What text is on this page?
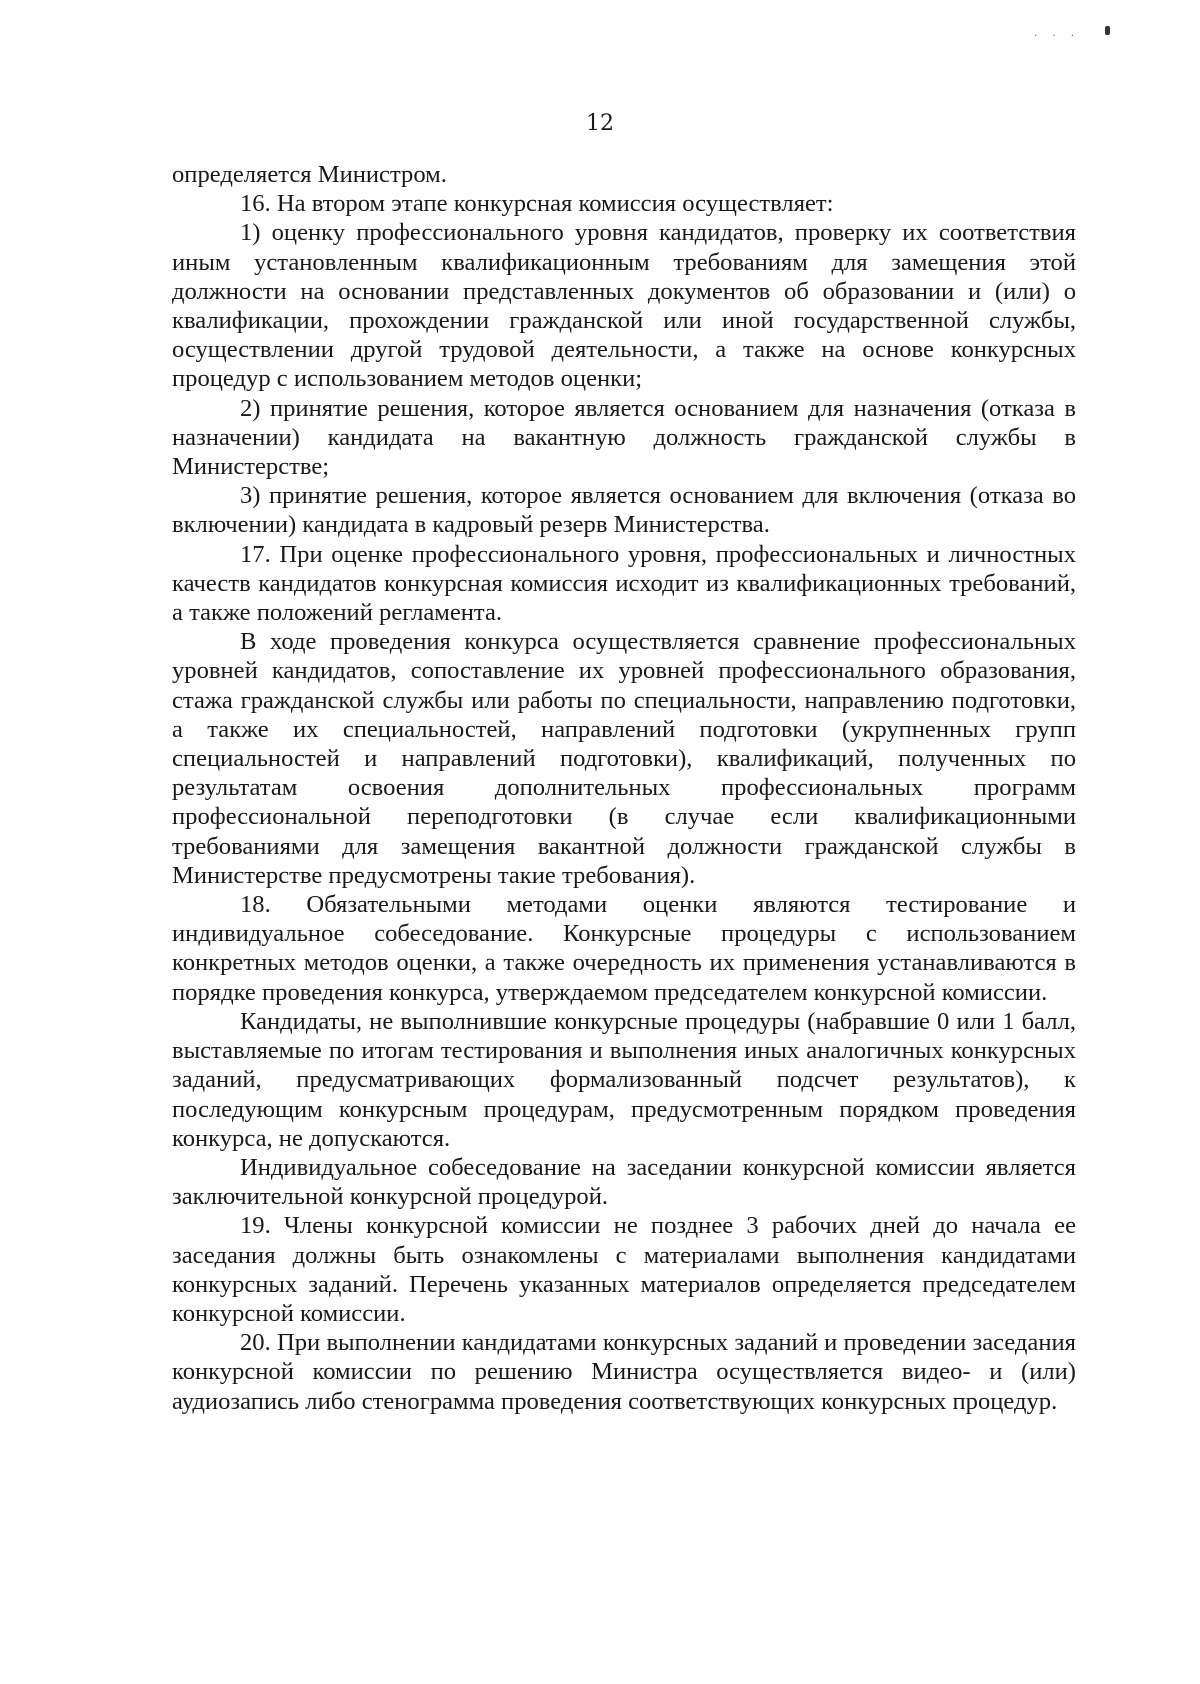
. . .
12

определяется Министром.

16. На втором этапе конкурсная комиссия осуществляет:

1) оценку профессионального уровня кандидатов, проверку их соответствия иным установленным квалификационным требованиям для замещения этой должности на основании представленных документов об образовании и (или) о квалификации, прохождении гражданской или иной государственной службы, осуществлении другой трудовой деятельности, а также на основе конкурсных процедур с использованием методов оценки;

2) принятие решения, которое является основанием для назначения (отказа в назначении) кандидата на вакантную должность гражданской службы в Министерстве;

3) принятие решения, которое является основанием для включения (отказа во включении) кандидата в кадровый резерв Министерства.

17. При оценке профессионального уровня, профессиональных и личностных качеств кандидатов конкурсная комиссия исходит из квалификационных требований, а также положений регламента.

В ходе проведения конкурса осуществляется сравнение профессиональных уровней кандидатов, сопоставление их уровней профессионального образования, стажа гражданской службы или работы по специальности, направлению подготовки, а также их специальностей, направлений подготовки (укрупненных групп специальностей и направлений подготовки), квалификаций, полученных по результатам освоения дополнительных профессиональных программ профессиональной переподготовки (в случае если квалификационными требованиями для замещения вакантной должности гражданской службы в Министерстве предусмотрены такие требования).

18. Обязательными методами оценки являются тестирование и индивидуальное собеседование. Конкурсные процедуры с использованием конкретных методов оценки, а также очередность их применения устанавливаются в порядке проведения конкурса, утверждаемом председателем конкурсной комиссии.

Кандидаты, не выполнившие конкурсные процедуры (набравшие 0 или 1 балл, выставляемые по итогам тестирования и выполнения иных аналогичных конкурсных заданий, предусматривающих формализованный подсчет результатов), к последующим конкурсным процедурам, предусмотренным порядком проведения конкурса, не допускаются.

Индивидуальное собеседование на заседании конкурсной комиссии является заключительной конкурсной процедурой.

19. Члены конкурсной комиссии не позднее 3 рабочих дней до начала ее заседания должны быть ознакомлены с материалами выполнения кандидатами конкурсных заданий. Перечень указанных материалов определяется председателем конкурсной комиссии.

20. При выполнении кандидатами конкурсных заданий и проведении заседания конкурсной комиссии по решению Министра осуществляется видео- и (или) аудиозапись либо стенограмма проведения соответствующих конкурсных процедур.
